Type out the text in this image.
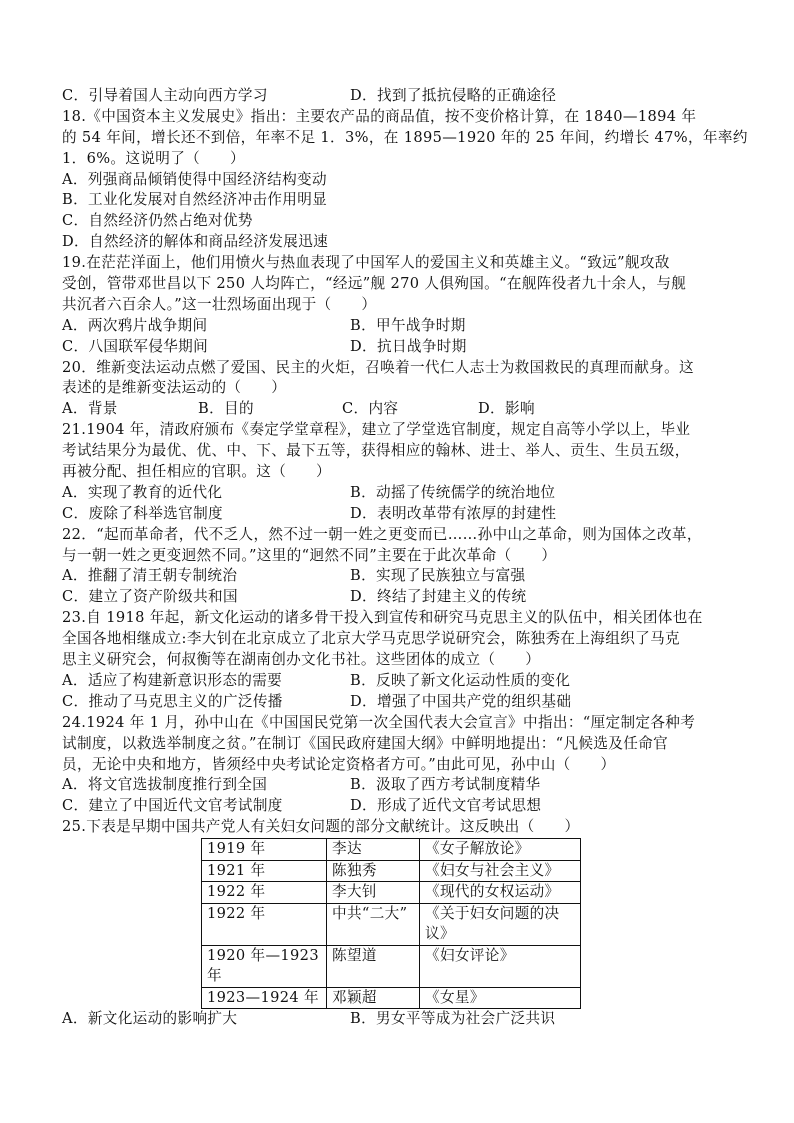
C．引导着国人主动向西方学习	D．找到了抵抗侵略的正确途径
18.《中国资本主义发展史》指出：主要农产品的商品值，按不变价格计算，在 1840—1894 年
的 54 年间，增长还不到倍，年率不足 1．3%，在 1895—1920 年的 25 年间，约增长 47%，年率约
1．6%。这说明了（　　）
A．列强商品倾销使得中国经济结构变动
B．工业化发展对自然经济冲击作用明显
C．自然经济仍然占绝对优势
D．自然经济的解体和商品经济发展迅速
19.在茫茫洋面上，他们用愤火与热血表现了中国军人的爱国主义和英雄主义。“致远”舰攻敌
受创，管带邓世昌以下 250 人均阵亡，“经远”舰 270 人俱殉国。“在舰阵役者九十余人，与舰
共沉者六百余人。”这一壮烈场面出现于（　　）
A．两次鸦片战争期间	B．甲午战争时期
C．八国联军侵华期间	D．抗日战争时期
20．维新变法运动点燃了爱国、民主的火炬，召唤着一代仁人志士为救国救民的真理而献身。这
表述的是维新变法运动的（　　）
A．背景	B．目的	C．内容	D．影响
21.1904 年，清政府颁布《奏定学堂章程》，建立了学堂选官制度，规定自高等小学以上，毕业
考试结果分为最优、优、中、下、最下五等，获得相应的翰林、进士、举人、贡生、生员五级，
再被分配、担任相应的官职。这（　　）
A．实现了教育的近代化	B．动摇了传统儒学的统治地位
C．废除了科举选官制度	D．表明改革带有浓厚的封建性
22．“起而革命者，代不乏人，然不过一朝一姓之更变而已……孙中山之革命，则为国体之改革，
与一朝一姓之更变迥然不同。”这里的“迥然不同”主要在于此次革命（　　）
A．推翻了清王朝专制统治	B．实现了民族独立与富强
C．建立了资产阶级共和国	D．终结了封建主义的传统
23.自 1918 年起，新文化运动的诸多骨干投入到宣传和研究马克思主义的队伍中，相关团体也在
全国各地相继成立:李大钊在北京成立了北京大学马克思学说研究会，陈独秀在上海组织了马克
思主义研究会，何叔衡等在湖南创办文化书社。这些团体的成立（　　）
A．适应了构建新意识形态的需要	B．反映了新文化运动性质的变化
C．推动了马克思主义的广泛传播	D．增强了中国共产党的组织基础
24.1924 年 1 月，孙中山在《中国国民党第一次全国代表大会宣言》中指出：“厘定制定各种考
试制度，以救选举制度之贫。”在制订《国民政府建国大纲》中鲜明地提出：“凡候选及任命官
员，无论中央和地方，皆须经中央考试论定资格者方可。”由此可见，孙中山（　　）
A．将文官选拔制度推行到全国	B．汲取了西方考试制度精华
C．建立了中国近代文官考试制度	D．形成了近代文官考试思想
25.下表是早期中国共产党人有关妇女问题的部分文献统计。这反映出（　　）
1919 年	李达	《女子解放论》

1921 年	陈独秀	《妇女与社会主义》

1922 年	李大钊	《现代的女权运动》

1922 年	中共“二大”	《关于妇女问题的决
议》

1920 年—1923
年	陈望道	《妇女评论》

1923—1924 年	邓颖超	《女星》
A．新文化运动的影响扩大	B．男女平等成为社会广泛共识
